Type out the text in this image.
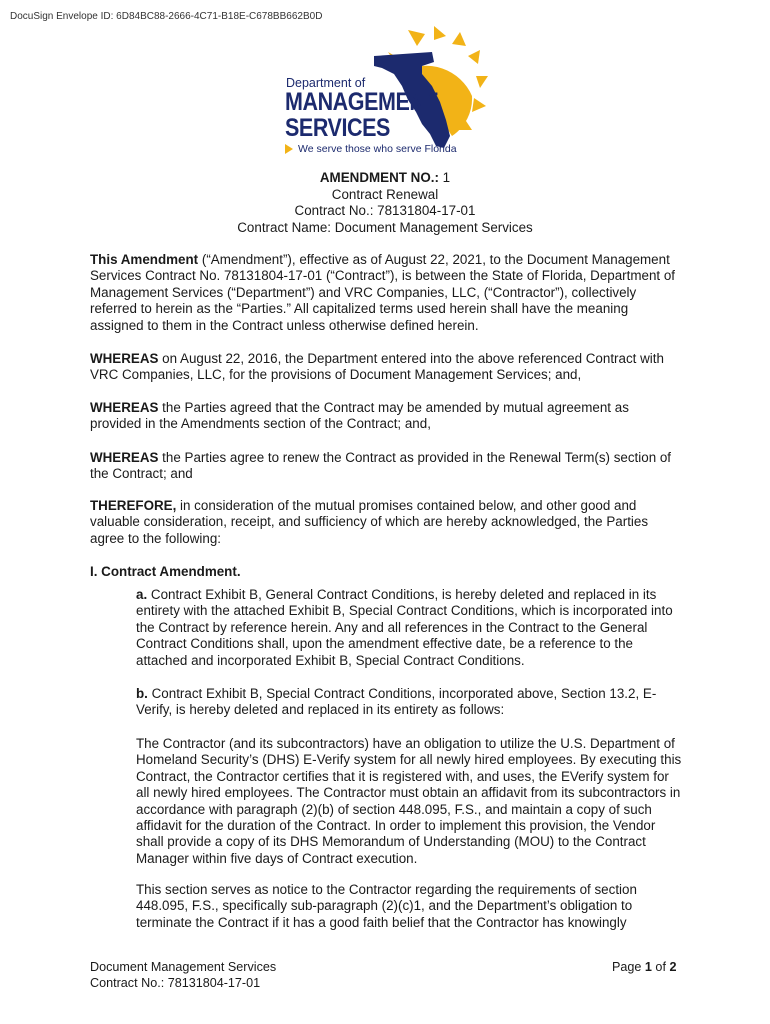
DocuSign Envelope ID: 6D84BC88-2666-4C71-B18E-C678BB662B0D
Department of
MANAGEMENT
SERVICES
We serve those who serve Florida
AMENDMENT NO.: 1
Contract Renewal
Contract No.: 78131804-17-01
Contract Name: Document Management Services

This Amendment (“Amendment”), effective as of August 22, 2021, to the Document Management Services Contract No. 78131804-17-01 (“Contract”), is between the State of Florida, Department of Management Services (“Department”) and VRC Companies, LLC, (“Contractor”), collectively referred to herein as the “Parties.” All capitalized terms used herein shall have the meaning assigned to them in the Contract unless otherwise defined herein.

WHEREAS on August 22, 2016, the Department entered into the above referenced Contract with VRC Companies, LLC, for the provisions of Document Management Services; and,

WHEREAS the Parties agreed that the Contract may be amended by mutual agreement as provided in the Amendments section of the Contract; and,

WHEREAS the Parties agree to renew the Contract as provided in the Renewal Term(s) section of the Contract; and

THEREFORE, in consideration of the mutual promises contained below, and other good and valuable consideration, receipt, and sufficiency of which are hereby acknowledged, the Parties agree to the following:

I. Contract Amendment.

a. Contract Exhibit B, General Contract Conditions, is hereby deleted and replaced in its entirety with the attached Exhibit B, Special Contract Conditions, which is incorporated into the Contract by reference herein. Any and all references in the Contract to the General Contract Conditions shall, upon the amendment effective date, be a reference to the attached and incorporated Exhibit B, Special Contract Conditions.

b. Contract Exhibit B, Special Contract Conditions, incorporated above, Section 13.2, E-Verify, is hereby deleted and replaced in its entirety as follows:

The Contractor (and its subcontractors) have an obligation to utilize the U.S. Department of Homeland Security’s (DHS) E-Verify system for all newly hired employees. By executing this Contract, the Contractor certifies that it is registered with, and uses, the EVerify system for all newly hired employees. The Contractor must obtain an affidavit from its subcontractors in accordance with paragraph (2)(b) of section 448.095, F.S., and maintain a copy of such affidavit for the duration of the Contract. In order to implement this provision, the Vendor shall provide a copy of its DHS Memorandum of Understanding (MOU) to the Contract Manager within five days of Contract execution.

This section serves as notice to the Contractor regarding the requirements of section 448.095, F.S., specifically sub-paragraph (2)(c)1, and the Department’s obligation to terminate the Contract if it has a good faith belief that the Contractor has knowingly

Document Management Services
Contract No.: 78131804-17-01
Page 1 of 2
